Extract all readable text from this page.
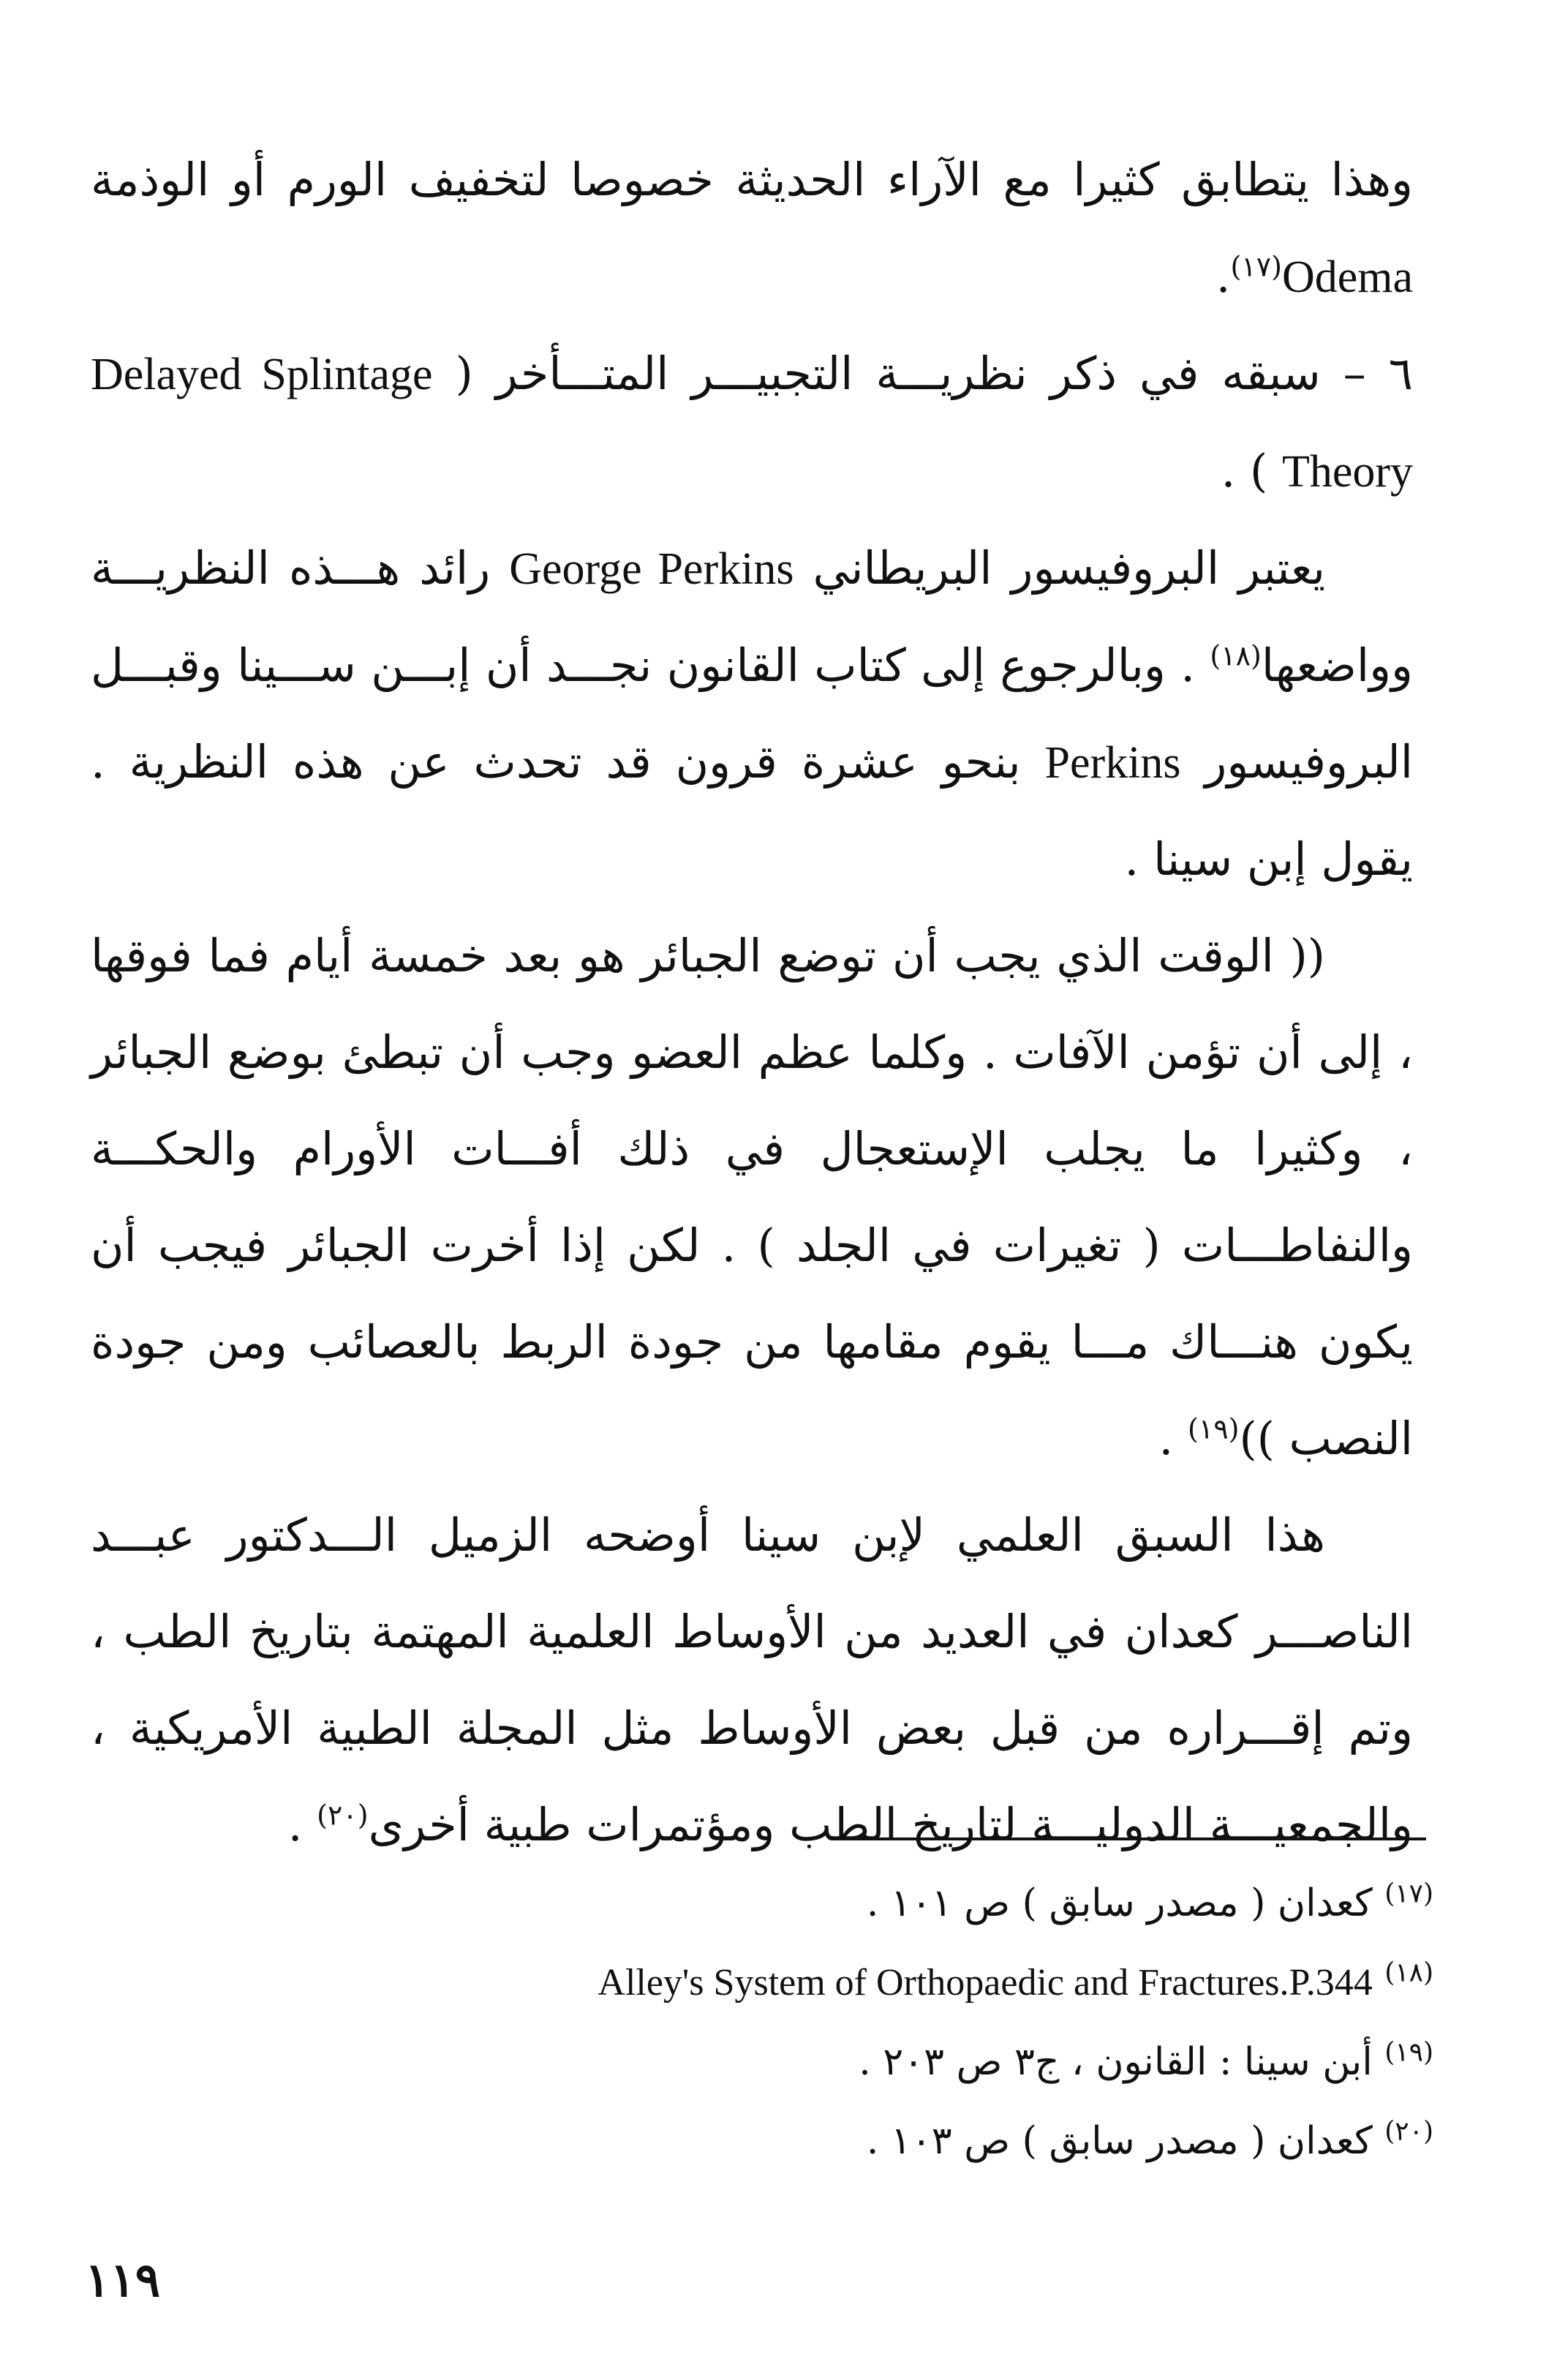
وهذا يتطابق كثيرا مع الآراء الحديثة خصوصا لتخفيف الورم أو الوذمة Odema$^{(١٧)}$.

٦ – سبقه في ذكر نظريـــة التجبيـــر المتـــأخر ( Delayed Splintage Theory ) .

يعتبر البروفيسور البريطاني George Perkins رائد هـــذه النظريـــة وواضعها$^{(١٨)}$ . وبالرجوع إلى كتاب القانون نجـــد أن إبـــن ســـينا وقبـــل البروفيسور Perkins بنحو عشرة قرون قد تحدث عن هذه النظرية . يقول إبن سينا .

(( الوقت الذي يجب أن توضع الجبائر هو بعد خمسة أيام فما فوقها ، إلى أن تؤمن الآفات . وكلما عظم العضو وجب أن تبطئ بوضع الجبائر ، وكثيرا ما يجلب الإستعجال في ذلك أفـــات الأورام والحكـــة والنفاطـــات ( تغيرات في الجلد ) . لكن إذا أخرت الجبائر فيجب أن يكون هنـــاك مـــا يقوم مقامها من جودة الربط بالعصائب ومن جودة النصب ))$^{(١٩)}$ .

هذا السبق العلمي لإبن سينا أوضحه الزميل الـــدكتور عبـــد الناصـــر كعدان في العديد من الأوساط العلمية المهتمة بتاريخ الطب ، وتم إقـــراره من قبل بعض الأوساط مثل المجلة الطبية الأمريكية ، والجمعيـــة الدوليـــة لتاريخ الطب ومؤتمرات طبية أخرى$^{(٢٠)}$ .

$^{(١٧)}$ كعدان ( مصدر سابق ) ص ١٠١ .

$^{(١٨)}$ Alley's System of Orthopaedic and Fractures.P.344

$^{(١٩)}$ أبن سينا : القانون ، ج٣ ص ٢٠٣ .

$^{(٢٠)}$ كعدان ( مصدر سابق ) ص ١٠٣ .

١١٩
